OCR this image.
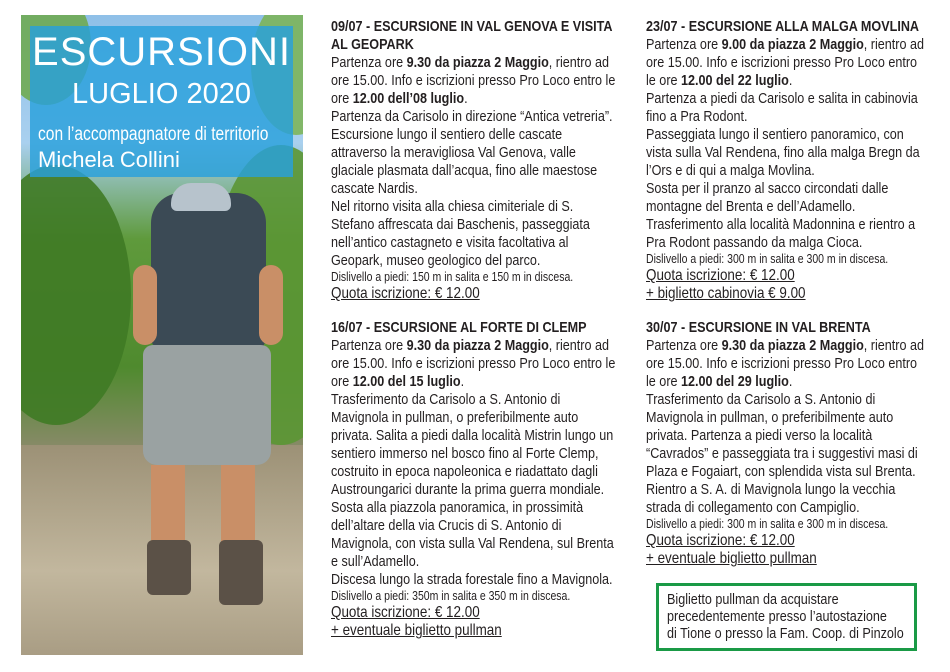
ESCURSIONI
LUGLIO 2020
con l’accompagnatore di territorio
Michela Collini
09/07 - ESCURSIONE IN VAL GENOVA E VISITA
AL GEOPARK
Partenza ore 9.30 da piazza 2 Maggio, rientro ad
ore 15.00. Info e iscrizioni presso Pro Loco entro le
ore 12.00 dell’08 luglio.
Partenza da Carisolo in direzione “Antica vetreria”.
Escursione lungo il sentiero delle cascate
attraverso la meravigliosa Val Genova, valle
glaciale plasmata dall’acqua, fino alle maestose
cascate Nardis.
Nel ritorno visita alla chiesa cimiteriale di S.
Stefano affrescata dai Baschenis, passeggiata
nell’antico castagneto e visita facoltativa al
Geopark, museo geologico del parco.
Dislivello a piedi: 150 m in salita e 150 m in discesa.
Quota iscrizione: € 12.00
16/07 - ESCURSIONE AL FORTE DI CLEMP
Partenza ore 9.30 da piazza 2 Maggio, rientro ad
ore 15.00. Info e iscrizioni presso Pro Loco entro le
ore 12.00 del 15 luglio.
Trasferimento da Carisolo a S. Antonio di
Mavignola in pullman, o preferibilmente auto
privata. Salita a piedi dalla località Mistrin lungo un
sentiero immerso nel bosco fino al Forte Clemp,
costruito in epoca napoleonica e riadattato dagli
Austroungarici durante la prima guerra mondiale.
Sosta alla piazzola panoramica, in prossimità
dell’altare della via Crucis di S. Antonio di
Mavignola, con vista sulla Val Rendena, sul Brenta
e sull’Adamello.
Discesa lungo la strada forestale fino a Mavignola.
Dislivello a piedi: 350m in salita e 350 m in discesa.
Quota iscrizione: € 12.00
+ eventuale biglietto pullman
23/07 - ESCURSIONE ALLA MALGA MOVLINA
Partenza ore 9.00 da piazza 2 Maggio, rientro ad
ore 15.00. Info e iscrizioni presso Pro Loco entro
le ore 12.00 del 22 luglio.
Partenza a piedi da Carisolo e salita in cabinovia
fino a Pra Rodont.
Passeggiata lungo il sentiero panoramico, con
vista sulla Val Rendena, fino alla malga Bregn da
l’Ors e di qui a malga Movlina.
Sosta per il pranzo al sacco circondati dalle
montagne del Brenta e dell’Adamello.
Trasferimento alla località Madonnina e rientro a
Pra Rodont passando da malga Cioca.
Dislivello a piedi: 300 m in salita e 300 m in discesa.
Quota iscrizione: € 12.00
+ biglietto cabinovia € 9.00
30/07 - ESCURSIONE IN VAL BRENTA
Partenza ore 9.30 da piazza 2 Maggio, rientro ad
ore 15.00. Info e iscrizioni presso Pro Loco entro
le ore 12.00 del 29 luglio.
Trasferimento da Carisolo a S. Antonio di
Mavignola in pullman, o preferibilmente auto
privata. Partenza a piedi verso la località
“Cavrados” e passeggiata tra i suggestivi masi di
Plaza e Fogaiart, con splendida vista sul Brenta.
Rientro a S. A. di Mavignola lungo la vecchia
strada di collegamento con Campiglio.
Dislivello a piedi: 300 m in salita e 300 m in discesa.
Quota iscrizione: € 12.00
+ eventuale biglietto pullman
Biglietto pullman da acquistare
precedentemente presso l’autostazione
di Tione o presso la Fam. Coop. di Pinzolo
